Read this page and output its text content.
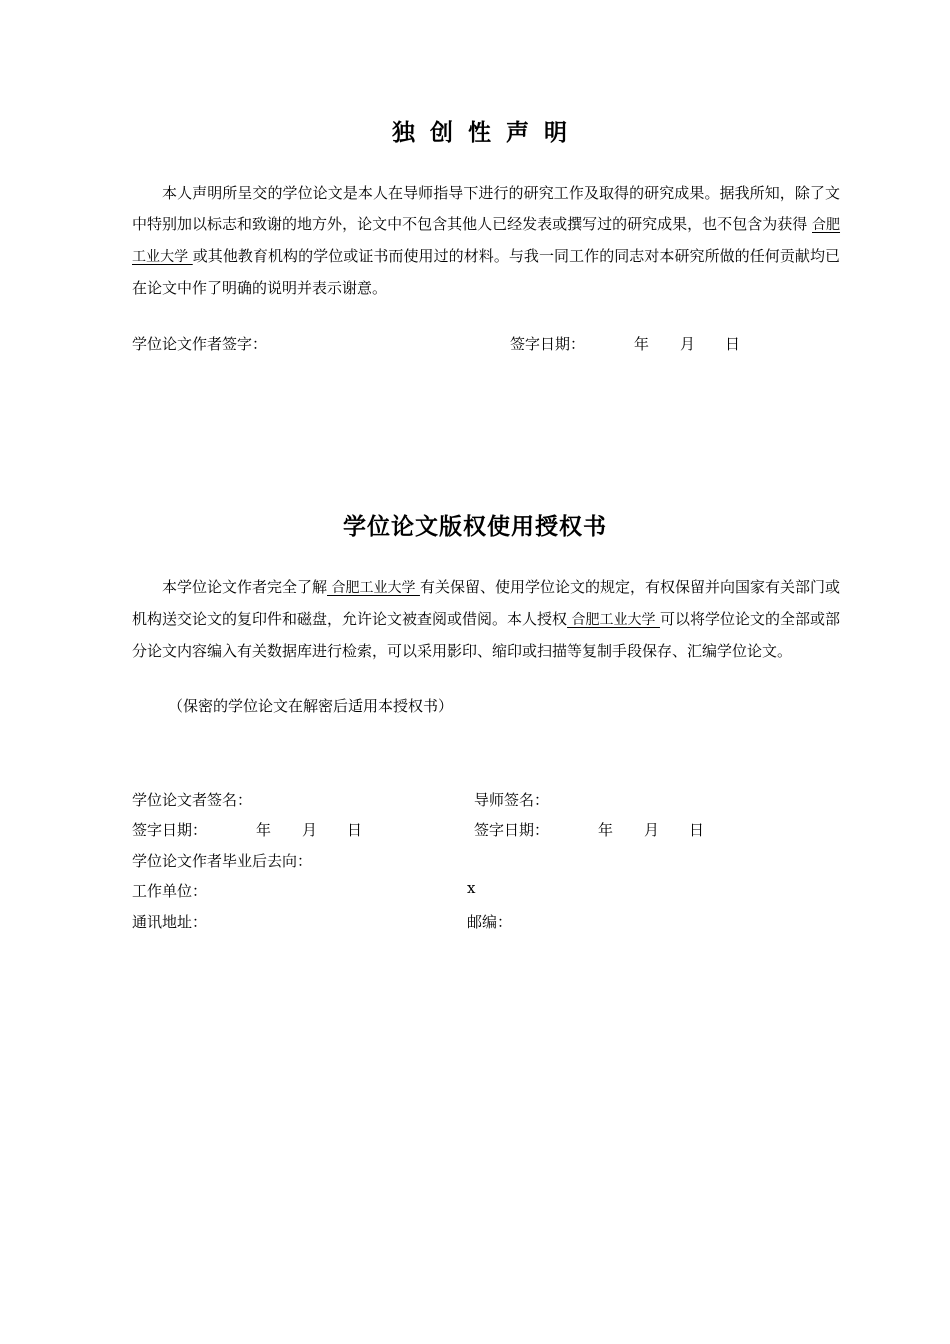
独创性声明

本人声明所呈交的学位论文是本人在导师指导下进行的研究工作及取得的研究成果。据我所知，除了文中特别加以标志和致谢的地方外，论文中不包含其他人已经发表或撰写过的研究成果，也不包含为获得 合肥工业大学 或其他教育机构的学位或证书而使用过的材料。与我一同工作的同志对本研究所做的任何贡献均已在论文中作了明确的说明并表示谢意。

学位论文作者签字：	签字日期：	年 月 日

学位论文版权使用授权书

本学位论文作者完全了解 合肥工业大学 有关保留、使用学位论文的规定，有权保留并向国家有关部门或机构送交论文的复印件和磁盘，允许论文被查阅或借阅。本人授权 合肥工业大学 可以将学位论文的全部或部分论文内容编入有关数据库进行检索，可以采用影印、缩印或扫描等复制手段保存、汇编学位论文。

（保密的学位论文在解密后适用本授权书）

学位论文者签名：	导师签名：

签字日期：	年 月 日	签字日期：	年 月 日

学位论文作者毕业后去向：

工作单位：	x

通讯地址：	邮编：
